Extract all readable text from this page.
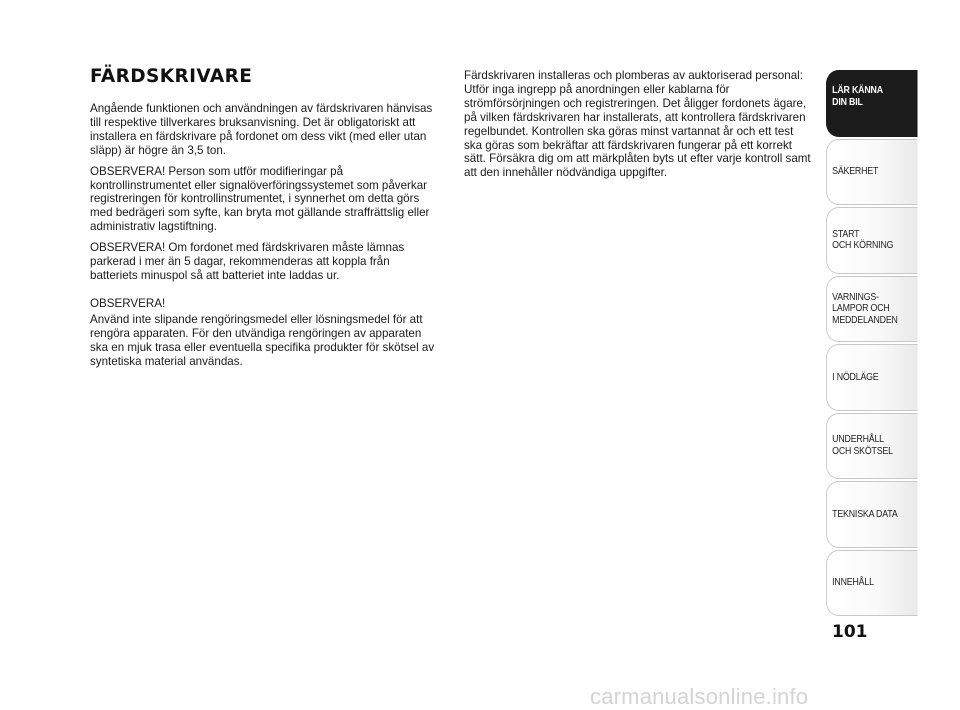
FÄRDSKRIVARE

Angående funktionen och användningen av färdskrivaren hänvisas till respektive tillverkares bruksanvisning. Det är obligatoriskt att installera en färdskrivare på fordonet om dess vikt (med eller utan släpp) är högre än 3,5 ton.

OBSERVERA! Person som utför modifieringar på kontrollinstrumentet eller signalöverföringssystemet som påverkar registreringen för kontrollinstrumentet, i synnerhet om detta görs med bedrägeri som syfte, kan bryta mot gällande straffrättslig eller administrativ lagstiftning.

OBSERVERA! Om fordonet med färdskrivaren måste lämnas parkerad i mer än 5 dagar, rekommenderas att koppla från batteriets minuspol så att batteriet inte laddas ur.

OBSERVERA!

Använd inte slipande rengöringsmedel eller lösningsmedel för att rengöra apparaten. För den utvändiga rengöringen av apparaten ska en mjuk trasa eller eventuella specifika produkter för skötsel av syntetiska material användas.

Färdskrivaren installeras och plomberas av auktoriserad personal: Utför inga ingrepp på anordningen eller kablarna för strömförsörjningen och registreringen. Det åligger fordonets ägare, på vilken färdskrivaren har installerats, att kontrollera färdskrivaren regelbundet. Kontrollen ska göras minst vartannat år och ett test ska göras som bekräftar att färdskrivaren fungerar på ett korrekt sätt. Försäkra dig om att märkplåten byts ut efter varje kontroll samt att den innehåller nödvändiga uppgifter.

LÄR KÄNNA
DIN BIL
SÄKERHET
START
OCH KÖRNING
VARNINGS-
LAMPOR OCH
MEDDELANDEN
I NÖDLÄGE
UNDERHÅLL
OCH SKÖTSEL
TEKNISKA DATA
INNEHÅLL
101
carmanualsonline.info
